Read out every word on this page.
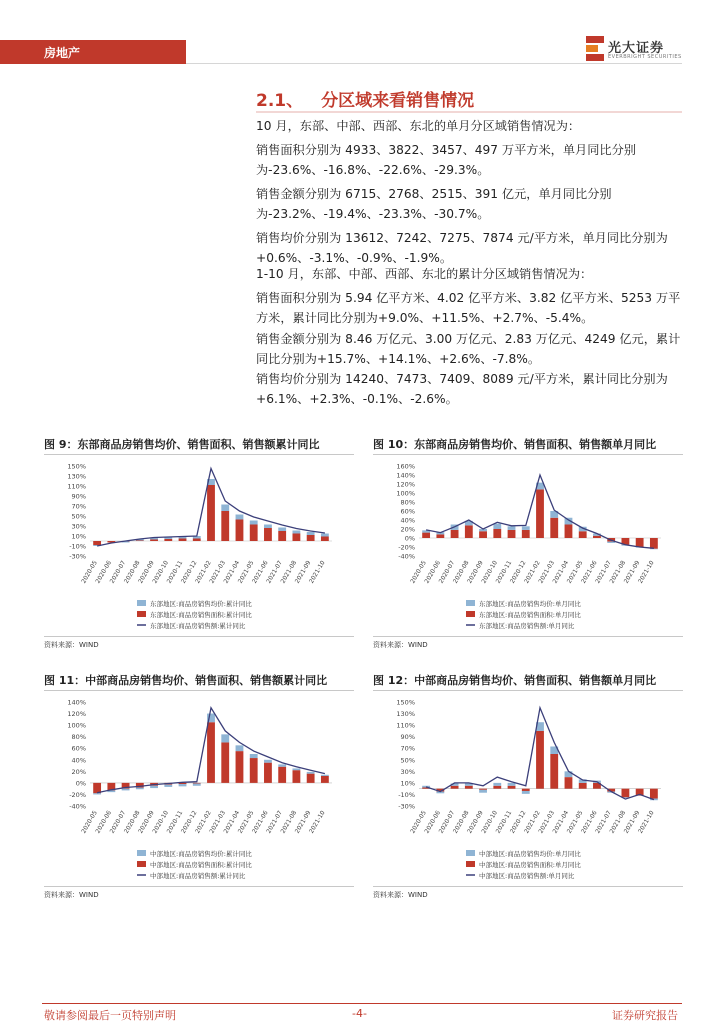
房地产	光大证券
EVERBRIGHT SECURITIES
2.1、 分区域来看销售情况
10 月，东部、中部、西部、东北的单月分区域销售情况为：
销售面积分别为 4933、3822、3457、497 万平方米，单月同比分别为-23.6%、-16.8%、-22.6%、-29.3%。
销售金额分别为 6715、2768、2515、391 亿元，单月同比分别为-23.2%、-19.4%、-23.3%、-30.7%。
销售均价分别为 13612、7242、7275、7874 元/平方米，单月同比分别为+0.6%、-3.1%、-0.9%、-1.9%。
1-10 月，东部、中部、西部、东北的累计分区域销售情况为：
销售面积分别为 5.94 亿平方米、4.02 亿平方米、3.82 亿平方米、5253 万平方米，累计同比分别为+9.0%、+11.5%、+2.7%、-5.4%。
销售金额分别为 8.46 万亿元、3.00 万亿元、2.83 万亿元、4249 亿元，累计同比分别为+15.7%、+14.1%、+2.6%、-7.8%。
销售均价分别为 14240、7473、7409、8089 元/平方米，累计同比分别为+6.1%、+2.3%、-0.1%、-2.6%。
图 9：东部商品房销售均价、销售面积、销售额累计同比
150%
130%
110%
90%
70%
50%
30%
10%
-10%
-30%
2020-05
2020-06
2020-07
2020-08
2020-09
2020-10
2020-11
2020-12
2021-02
2021-03
2021-04
2021-05
2021-06
2021-07
2021-08
2021-09
2021-10
东部地区:商品房销售均价:累计同比
东部地区:商品房销售面积:累计同比
东部地区:商品房销售额:累计同比
资料来源：WIND
图 10：东部商品房销售均价、销售面积、销售额单月同比
160%
140%
120%
100%
80%
60%
40%
20%
0%
-20%
-40%
2020-05
2020-06
2020-07
2020-08
2020-09
2020-10
2020-11
2020-12
2021-02
2021-03
2021-04
2021-05
2021-06
2021-07
2021-08
2021-09
2021-10
东部地区:商品房销售均价:单月同比
东部地区:商品房销售面积:单月同比
东部地区:商品房销售额:单月同比
资料来源：WIND
图 11：中部商品房销售均价、销售面积、销售额累计同比
140%
120%
100%
80%
60%
40%
20%
0%
-20%
-40%
2020-05
2020-06
2020-07
2020-08
2020-09
2020-10
2020-11
2020-12
2021-02
2021-03
2021-04
2021-05
2021-06
2021-07
2021-08
2021-09
2021-10
中部地区:商品房销售均价:累计同比
中部地区:商品房销售面积:累计同比
中部地区:商品房销售额:累计同比
资料来源：WIND
图 12：中部商品房销售均价、销售面积、销售额单月同比
150%
130%
110%
90%
70%
50%
30%
10%
-10%
-30%
2020-05
2020-06
2020-07
2020-08
2020-09
2020-10
2020-11
2020-12
2021-02
2021-03
2021-04
2021-05
2021-06
2021-07
2021-08
2021-09
2021-10
中部地区:商品房销售均价:单月同比
中部地区:商品房销售面积:单月同比
中部地区:商品房销售额:单月同比
资料来源：WIND
敬请参阅最后一页特别声明	-4-	证券研究报告
